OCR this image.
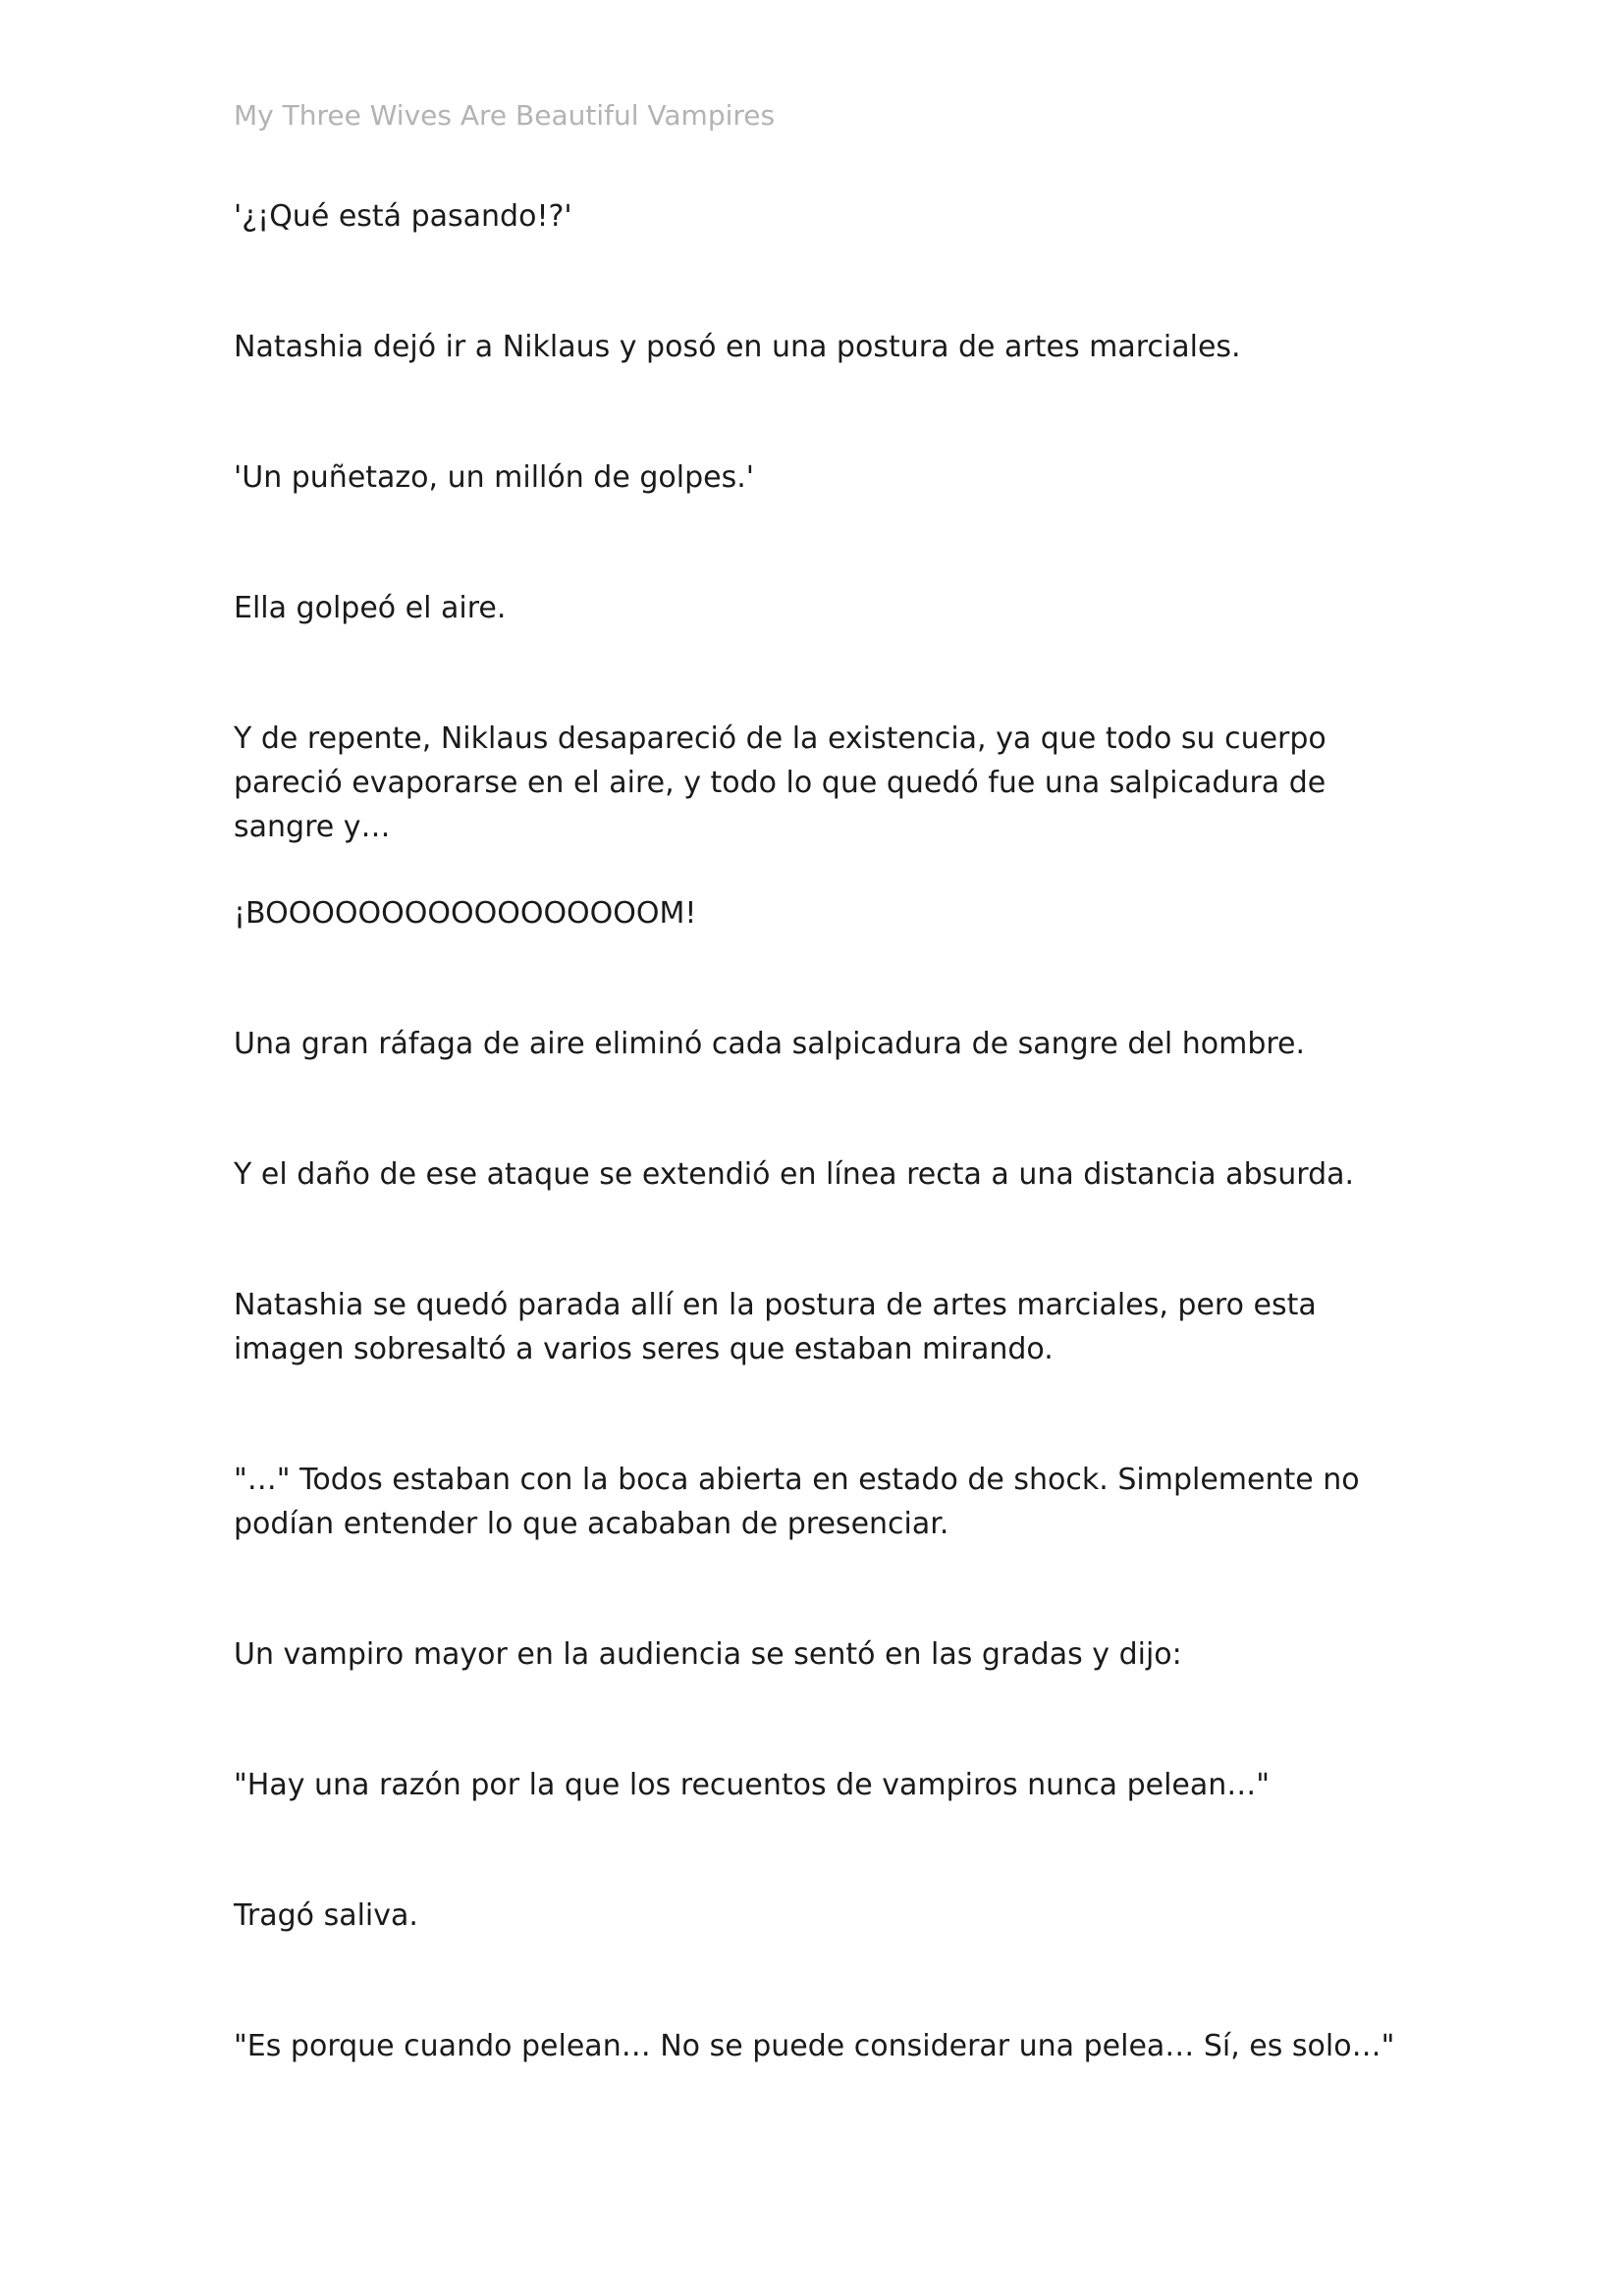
My Three Wives Are Beautiful Vampires

'¿¡Qué está pasando!?'

Natashia dejó ir a Niklaus y posó en una postura de artes marciales.

'Un puñetazo, un millón de golpes.'

Ella golpeó el aire.

Y de repente, Niklaus desapareció de la existencia, ya que todo su cuerpo pareció evaporarse en el aire, y todo lo que quedó fue una salpicadura de sangre y…

¡BOOOOOOOOOOOOOOOOOM!

Una gran ráfaga de aire eliminó cada salpicadura de sangre del hombre.

Y el daño de ese ataque se extendió en línea recta a una distancia absurda.

Natashia se quedó parada allí en la postura de artes marciales, pero esta imagen sobresaltó a varios seres que estaban mirando.

"…" Todos estaban con la boca abierta en estado de shock. Simplemente no podían entender lo que acababan de presenciar.

Un vampiro mayor en la audiencia se sentó en las gradas y dijo:

"Hay una razón por la que los recuentos de vampiros nunca pelean…"

Tragó saliva.

"Es porque cuando pelean… No se puede considerar una pelea… Sí, es solo…"
